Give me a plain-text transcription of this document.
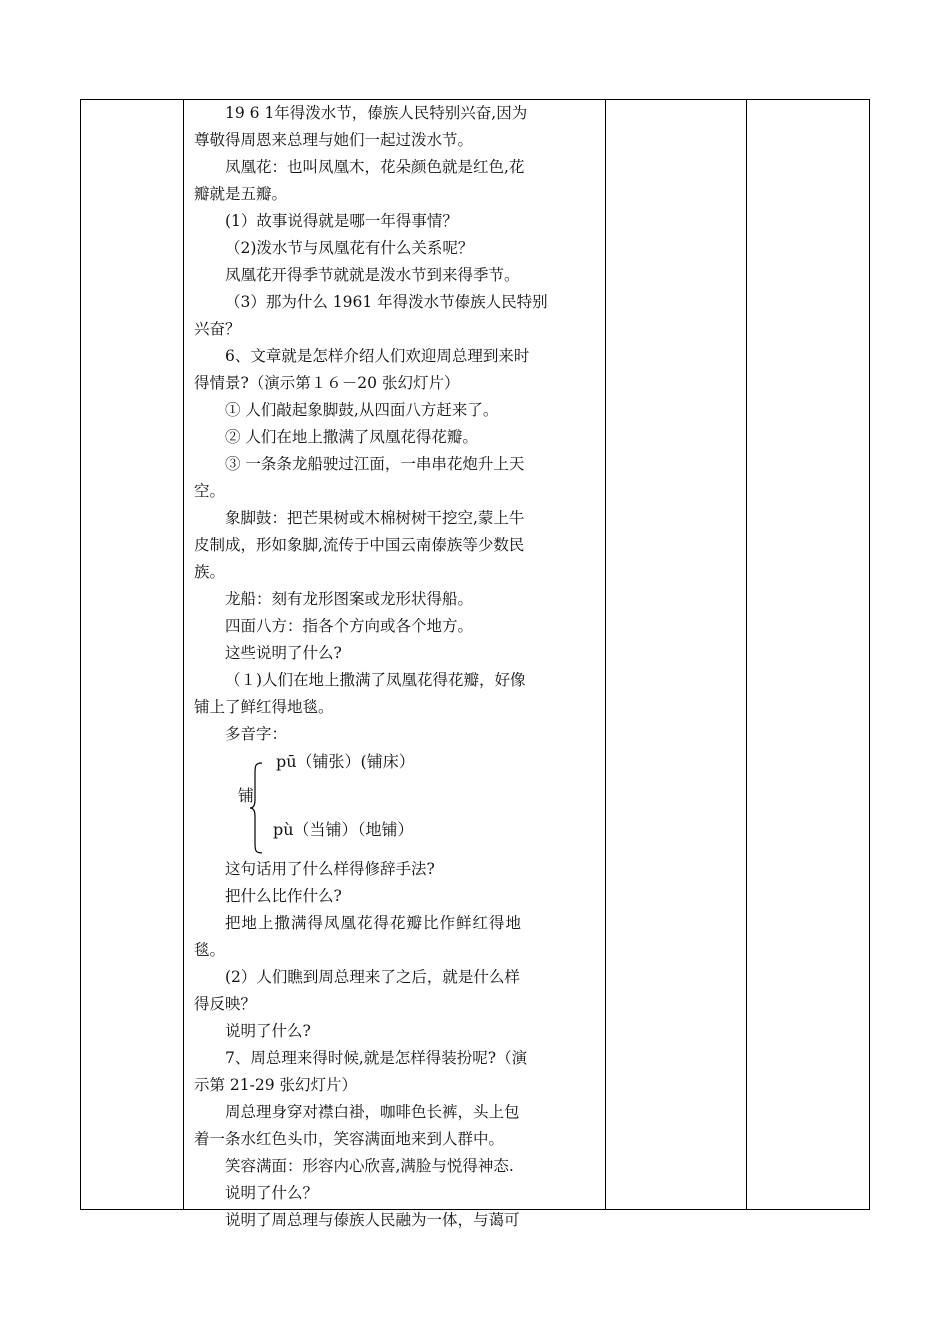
19 6 1年得泼水节，傣族人民特别兴奋,因为
尊敬得周恩来总理与她们一起过泼水节。
凤凰花：也叫凤凰木，花朵颜色就是红色,花
瓣就是五瓣。
(1）故事说得就是哪一年得事情？
（2)泼水节与凤凰花有什么关系呢？
凤凰花开得季节就就是泼水节到来得季节。
（3）那为什么 1961 年得泼水节傣族人民特别
兴奋？
6、文章就是怎样介绍人们欢迎周总理到来时
得情景?（演示第１６－20 张幻灯片）
① 人们敲起象脚鼓,从四面八方赶来了。
② 人们在地上撒满了凤凰花得花瓣。
③ 一条条龙船驶过江面，一串串花炮升上天
空。
象脚鼓：把芒果树或木棉树树干挖空,蒙上牛
皮制成，形如象脚,流传于中国云南傣族等少数民
族。
龙船：刻有龙形图案或龙形状得船。
四面八方：指各个方向或各个地方。
这些说明了什么?
（１)人们在地上撒满了凤凰花得花瓣，好像
铺上了鲜红得地毯。
多音字：
pū（铺张）(铺床）
铺
pù（当铺）（地铺）
这句话用了什么样得修辞手法?
把什么比作什么?
把地上撒满得凤凰花得花瓣比作鲜红得地
毯。
(2）人们瞧到周总理来了之后，就是什么样
得反映？
说明了什么?
7、周总理来得时候,就是怎样得装扮呢?（演
示第 21-29 张幻灯片）
周总理身穿对襟白褂，咖啡色长裤，头上包
着一条水红色头巾，笑容满面地来到人群中。
笑容满面：形容内心欣喜,满脸与悦得神态.
说明了什么？
说明了周总理与傣族人民融为一体，与蔼可
